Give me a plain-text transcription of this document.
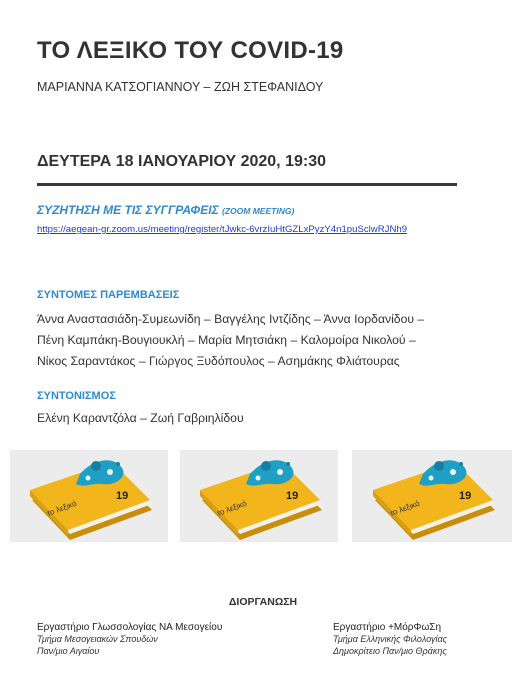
ΤΟ ΛΕΞΙΚΟ ΤΟΥ COVID-19
ΜΑΡΙΑΝΝΑ ΚΑΤΣΟΓΙΑΝΝΟΥ – ΖΩΗ ΣΤΕΦΑΝΙΔΟΥ
ΔΕΥΤΕΡΑ 18 ΙΑΝΟΥΑΡΙΟΥ 2020, 19:30
ΣΥΖΗΤΗΣΗ ΜΕ ΤΙΣ ΣΥΓΓΡΑΦΕΙΣ (ZOOM MEETING)
https://aegean-gr.zoom.us/meeting/register/tJwkc-6vrzIuHtGZLxPyzY4n1puSclwRJNh9
ΣΥΝΤΟΜΕΣ ΠΑΡΕΜΒΑΣΕΙΣ
Άννα Αναστασιάδη-Συμεωνίδη – Βαγγέλης Ιντζίδης – Άννα Ιορδανίδου –
Πένη Καμπάκη-Βουγιουκλή – Μαρία Μητσιάκη – Καλομοίρα Νικολού –
Νίκος Σαραντάκος – Γιώργος Ξυδόπουλος – Ασημάκης Φλιάτουρας
ΣΥΝΤΟΝΙΣΜΟΣ
Ελένη Καραντζόλα – Ζωή Γαβριηλίδου
19
το λεξικό
19
το λεξικό
19
το λεξικό
ΔΙΟΡΓΑΝΩΣΗ
Εργαστήριο Γλωσσολογίας ΝΑ Μεσογείου
Τμήμα Μεσογειακών Σπουδών
Παν/μιο Αιγαίου
Εργαστήριο +ΜόρΦωΣη
Τμήμα Ελληνικής Φιλολογίας
Δημοκρίτειο Παν/μιο Θράκης
